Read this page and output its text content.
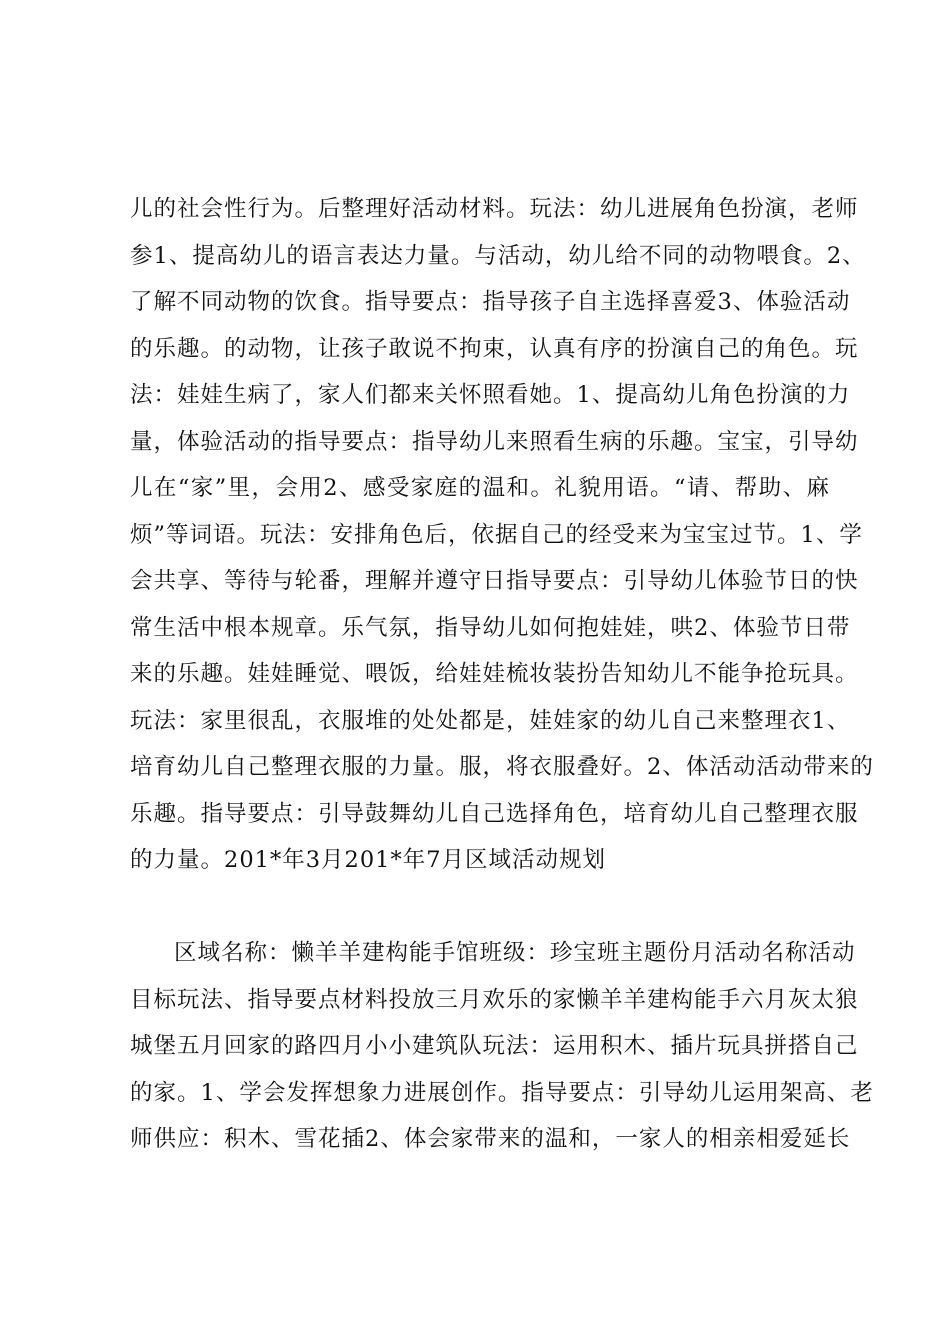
儿的社会性行为。后整理好活动材料。玩法：幼儿进展角色扮演，老师
参1、提高幼儿的语言表达力量。与活动，幼儿给不同的动物喂食。2、
了解不同动物的饮食。指导要点：指导孩子自主选择喜爱3、体验活动
的乐趣。的动物，让孩子敢说不拘束，认真有序的扮演自己的角色。玩
法：娃娃生病了，家人们都来关怀照看她。1、提高幼儿角色扮演的力
量，体验活动的指导要点：指导幼儿来照看生病的乐趣。宝宝，引导幼
儿在“家”里，会用2、感受家庭的温和。礼貌用语。“请、帮助、麻
烦”等词语。玩法：安排角色后，依据自己的经受来为宝宝过节。1、学
会共享、等待与轮番，理解并遵守日指导要点：引导幼儿体验节日的快
常生活中根本规章。乐气氛，指导幼儿如何抱娃娃，哄2、体验节日带
来的乐趣。娃娃睡觉、喂饭，给娃娃梳妆装扮告知幼儿不能争抢玩具。
玩法：家里很乱，衣服堆的处处都是，娃娃家的幼儿自己来整理衣1、
培育幼儿自己整理衣服的力量。服，将衣服叠好。2、体活动活动带来的
乐趣。指导要点：引导鼓舞幼儿自己选择角色，培育幼儿自己整理衣服
的力量。201*年3月201*年7月区域活动规划
区域名称：懒羊羊建构能手馆班级：珍宝班主题份月活动名称活动
目标玩法、指导要点材料投放三月欢乐的家懒羊羊建构能手六月灰太狼
城堡五月回家的路四月小小建筑队玩法：运用积木、插片玩具拼搭自己
的家。1、学会发挥想象力进展创作。指导要点：引导幼儿运用架高、老
师供应：积木、雪花插2、体会家带来的温和，一家人的相亲相爱延长
